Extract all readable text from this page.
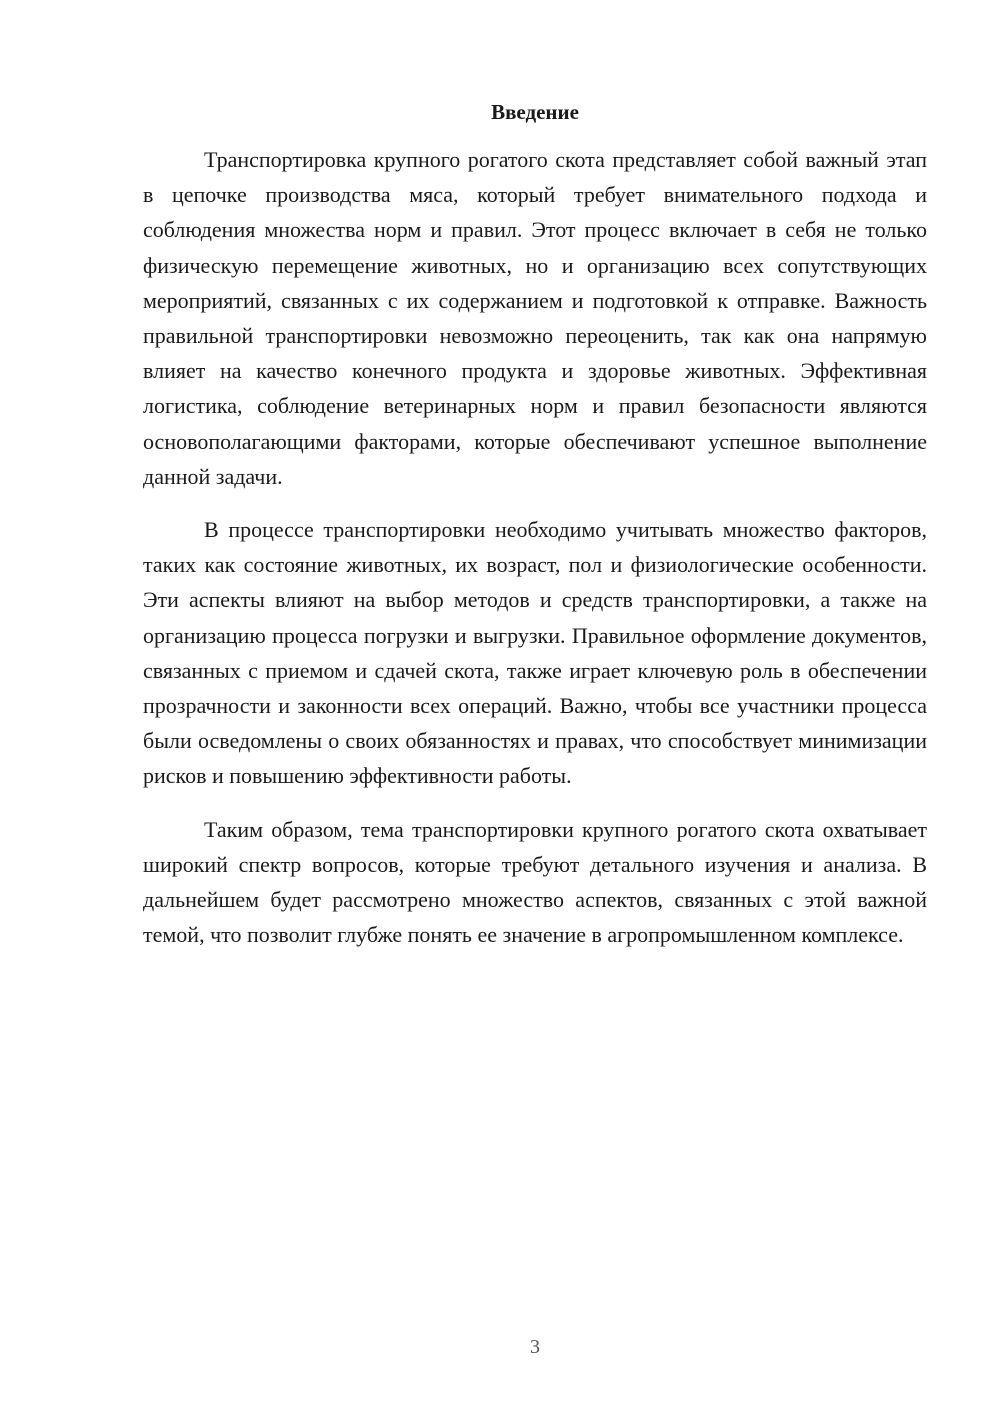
Введение

Транспортировка крупного рогатого скота представляет собой важный этап в цепочке производства мяса, который требует внимательного подхода и соблюдения множества норм и правил. Этот процесс включает в себя не только физическую перемещение животных, но и организацию всех сопутствующих мероприятий, связанных с их содержанием и подготовкой к отправке. Важность правильной транспортировки невозможно переоценить, так как она напрямую влияет на качество конечного продукта и здоровье животных. Эффективная логистика, соблюдение ветеринарных норм и правил безопасности являются основополагающими факторами, которые обеспечивают успешное выполнение данной задачи.

В процессе транспортировки необходимо учитывать множество факторов, таких как состояние животных, их возраст, пол и физиологические особенности. Эти аспекты влияют на выбор методов и средств транспортировки, а также на организацию процесса погрузки и выгрузки. Правильное оформление документов, связанных с приемом и сдачей скота, также играет ключевую роль в обеспечении прозрачности и законности всех операций. Важно, чтобы все участники процесса были осведомлены о своих обязанностях и правах, что способствует минимизации рисков и повышению эффективности работы.

Таким образом, тема транспортировки крупного рогатого скота охватывает широкий спектр вопросов, которые требуют детального изучения и анализа. В дальнейшем будет рассмотрено множество аспектов, связанных с этой важной темой, что позволит глубже понять ее значение в агропромышленном комплексе.

3
